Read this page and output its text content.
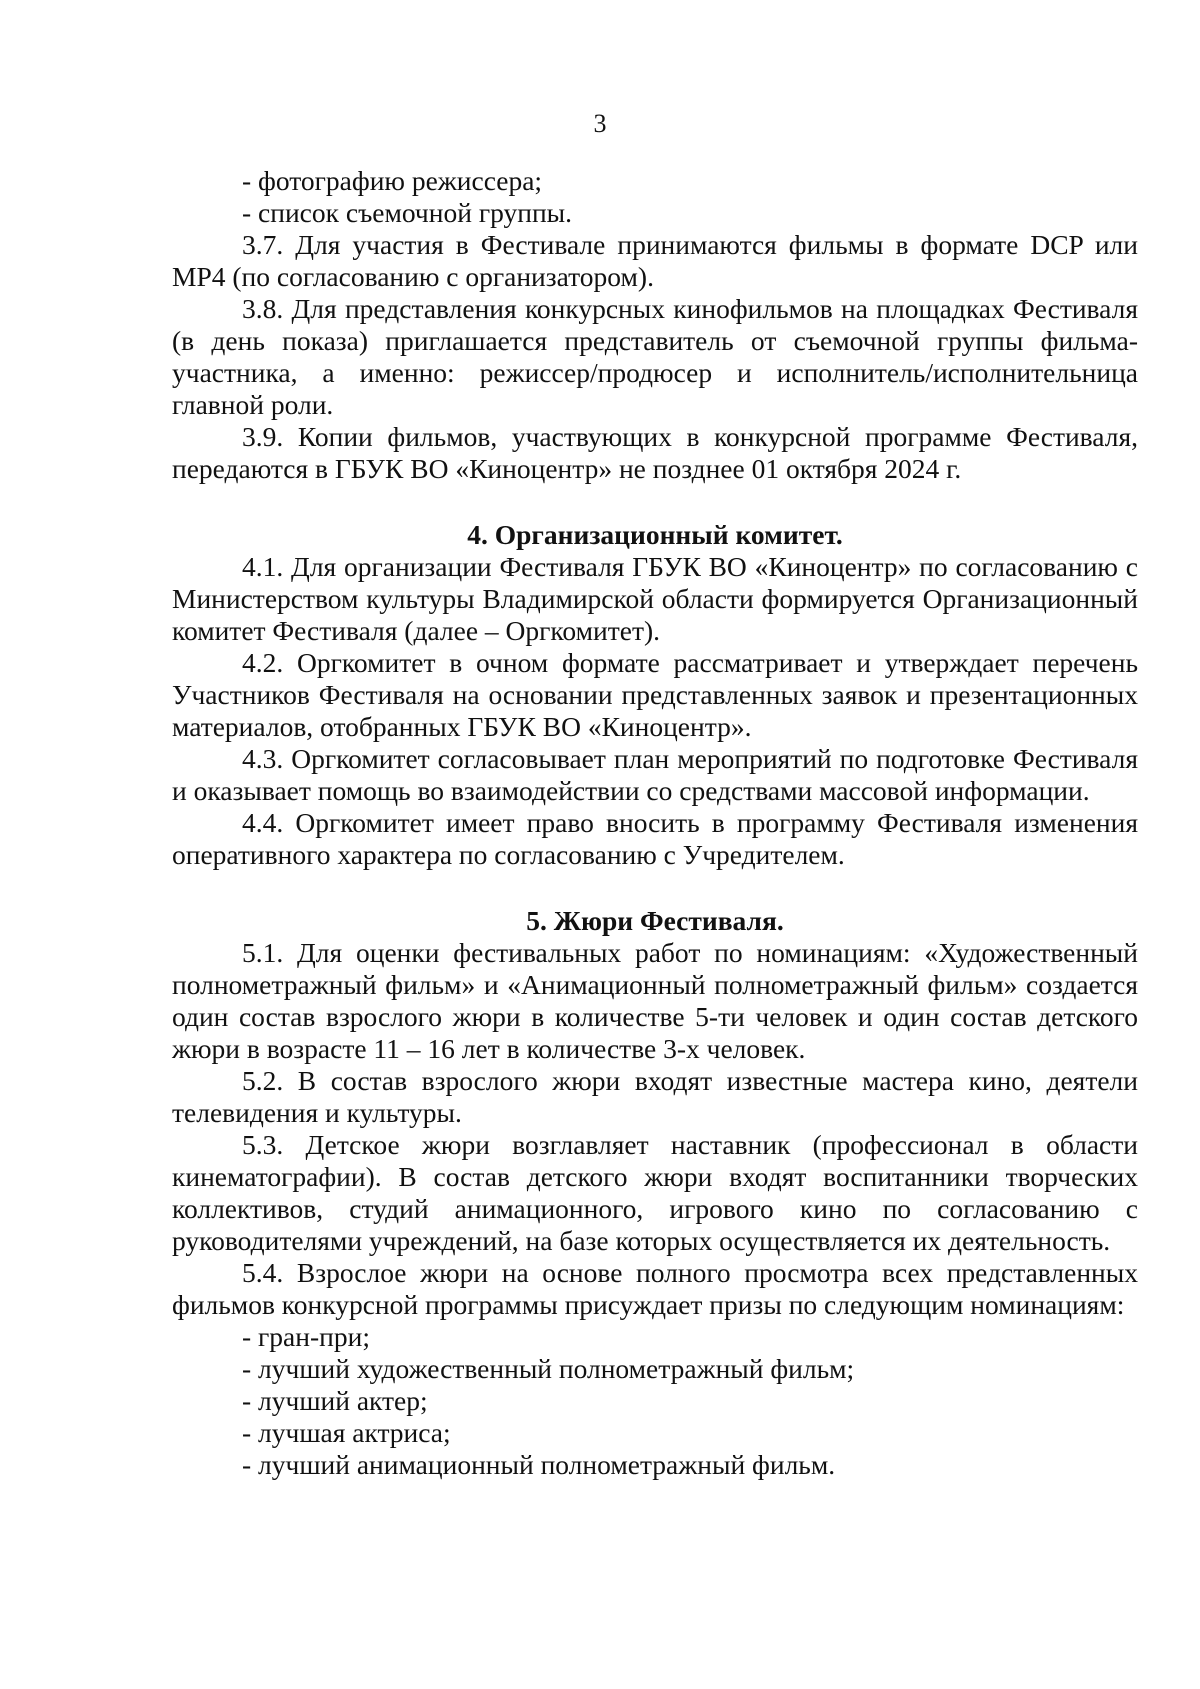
3

- фотографию режиссера;

- список съемочной группы.

3.7. Для участия в Фестивале принимаются фильмы в формате DCP или MP4 (по согласованию с организатором).

3.8. Для представления конкурсных кинофильмов на площадках Фестиваля (в день показа) приглашается представитель от съемочной группы фильма-участника, а именно: режиссер/продюсер и исполнитель/исполнительница главной роли.

3.9. Копии фильмов, участвующих в конкурсной программе Фестиваля, передаются в ГБУК ВО «Киноцентр» не позднее 01 октября 2024 г.

4. Организационный комитет.

4.1. Для организации Фестиваля ГБУК ВО «Киноцентр» по согласованию с Министерством культуры Владимирской области формируется Организационный комитет Фестиваля (далее – Оргкомитет).

4.2. Оргкомитет в очном формате рассматривает и утверждает перечень Участников Фестиваля на основании представленных заявок и презентационных материалов, отобранных ГБУК ВО «Киноцентр».

4.3. Оргкомитет согласовывает план мероприятий по подготовке Фестиваля и оказывает помощь во взаимодействии со средствами массовой информации.

4.4. Оргкомитет имеет право вносить в программу Фестиваля изменения оперативного характера по согласованию с Учредителем.

5. Жюри Фестиваля.

5.1. Для оценки фестивальных работ по номинациям: «Художественный полнометражный фильм» и «Анимационный полнометражный фильм» создается один состав взрослого жюри в количестве 5-ти человек и один состав детского жюри в возрасте 11 – 16 лет в количестве 3-х человек.

5.2. В состав взрослого жюри входят известные мастера кино, деятели телевидения и культуры.

5.3. Детское жюри возглавляет наставник (профессионал в области кинематографии). В состав детского жюри входят воспитанники творческих коллективов, студий анимационного, игрового кино по согласованию с руководителями учреждений, на базе которых осуществляется их деятельность.

5.4. Взрослое жюри на основе полного просмотра всех представленных фильмов конкурсной программы присуждает призы по следующим номинациям:

- гран-при;

- лучший художественный полнометражный фильм;

- лучший актер;

- лучшая актриса;

- лучший анимационный полнометражный фильм.
